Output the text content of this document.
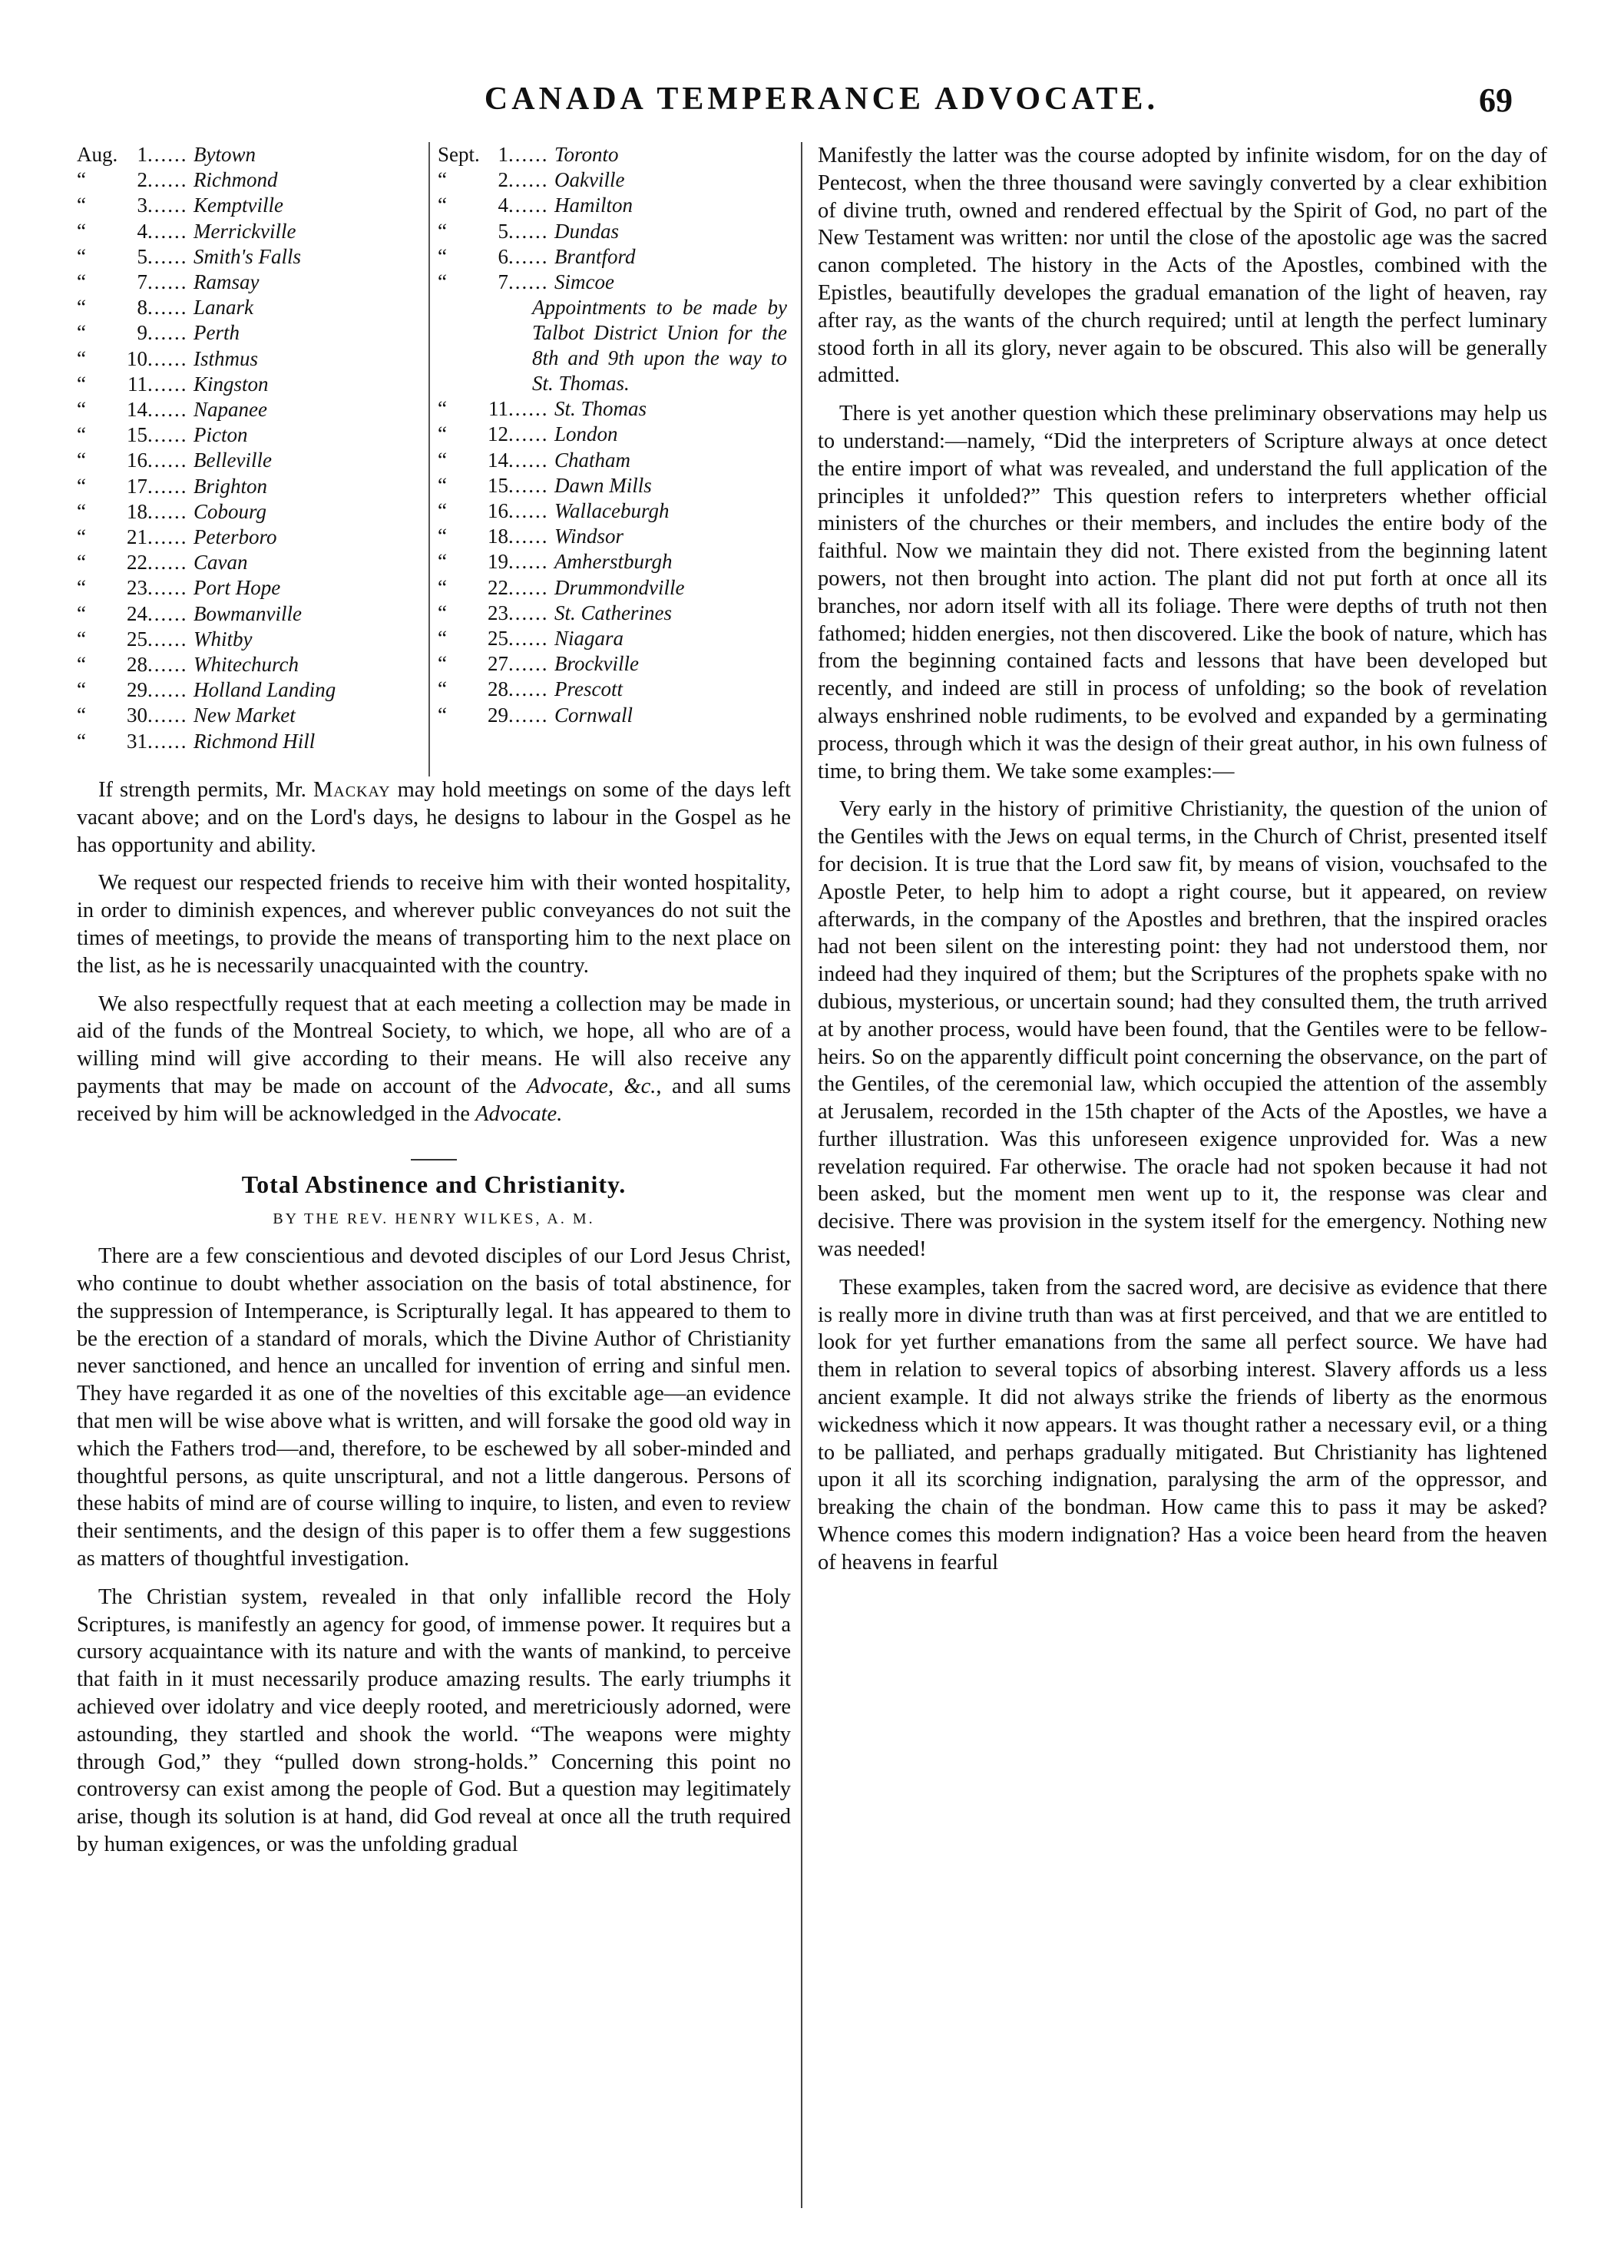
CANADA TEMPERANCE ADVOCATE.	69
Aug. 1 ...... Bytown
“	2 ...... Richmond
“	3 ...... Kemptville
“	4 ...... Merrickville
“	5 ...... Smith's Falls
“	7 ...... Ramsay
“	8 ...... Lanark
“	9 ...... Perth
“	10 ...... Isthmus
“	11 ...... Kingston
“	14 ...... Napanee
“	15 ...... Picton
“	16 ...... Belleville
“	17 ...... Brighton
“	18 ...... Cobourg
“	21 ...... Peterboro
“	22 ...... Cavan
“	23 ...... Port Hope
“	24 ...... Bowmanville
“	25 ...... Whitby
“	28 ...... Whitechurch
“	29 ...... Holland Landing
“	30 ...... New Market
“	31 ...... Richmond Hill
Sept. 1 ...... Toronto
“	2 ...... Oakville
“	4 ...... Hamilton
“	5 ...... Dundas
“	6 ...... Brantford
“	7 ...... Simcoe
Appointments to be made by Talbot District Union for the 8th and 9th upon the way to St. Thomas.
“	11 ...... St. Thomas
“	12 ...... London
“	14 ...... Chatham
“	15 ...... Dawn Mills
“	16 ...... Wallaceburgh
“	18 ...... Windsor
“	19 ...... Amherstburgh
“	22 ...... Drummondville
“	23 ...... St. Catherines
“	25 ...... Niagara
“	27 ...... Brockville
“	28 ...... Prescott
“	29 ...... Cornwall

If strength permits, Mr. Mackay may hold meetings on some of the days left vacant above; and on the Lord's days, he designs to labour in the Gospel as he has opportunity and ability.

We request our respected friends to receive him with their wonted hospitality, in order to diminish expences, and wherever public conveyances do not suit the times of meetings, to provide the means of transporting him to the next place on the list, as he is necessarily unacquainted with the country.

We also respectfully request that at each meeting a collection may be made in aid of the funds of the Montreal Society, to which, we hope, all who are of a willing mind will give according to their means. He will also receive any payments that may be made on account of the Advocate, &c., and all sums received by him will be acknowledged in the Advocate.

Total Abstinence and Christianity.
BY THE REV. HENRY WILKES, A. M.

There are a few conscientious and devoted disciples of our Lord Jesus Christ, who continue to doubt whether association on the basis of total abstinence, for the suppression of Intemperance, is Scripturally legal. It has appeared to them to be the erection of a standard of morals, which the Divine Author of Christianity never sanctioned, and hence an uncalled for invention of erring and sinful men. They have regarded it as one of the novelties of this excitable age—an evidence that men will be wise above what is written, and will forsake the good old way in which the Fathers trod—and, therefore, to be eschewed by all sober-minded and thoughtful persons, as quite unscriptural, and not a little dangerous. Persons of these habits of mind are of course willing to inquire, to listen, and even to review their sentiments, and the design of this paper is to offer them a few suggestions as matters of thoughtful investigation.

The Christian system, revealed in that only infallible record the Holy Scriptures, is manifestly an agency for good, of immense power. It requires but a cursory acquaintance with its nature and with the wants of mankind, to perceive that faith in it must necessarily produce amazing results. The early triumphs it achieved over idolatry and vice deeply rooted, and meretriciously adorned, were astounding, they startled and shook the world. “The weapons were mighty through God,” they “pulled down strong-holds.” Concerning this point no controversy can exist among the people of God. But a question may legitimately arise, though its solution is at hand, did God reveal at once all the truth required by human exigences, or was the unfolding gradual

Manifestly the latter was the course adopted by infinite wisdom, for on the day of Pentecost, when the three thousand were savingly converted by a clear exhibition of divine truth, owned and rendered effectual by the Spirit of God, no part of the New Testament was written: nor until the close of the apostolic age was the sacred canon completed. The history in the Acts of the Apostles, combined with the Epistles, beautifully developes the gradual emanation of the light of heaven, ray after ray, as the wants of the church required; until at length the perfect luminary stood forth in all its glory, never again to be obscured. This also will be generally admitted.

There is yet another question which these preliminary observations may help us to understand:—namely, “Did the interpreters of Scripture always at once detect the entire import of what was revealed, and understand the full application of the principles it unfolded?” This question refers to interpreters whether official ministers of the churches or their members, and includes the entire body of the faithful. Now we maintain they did not. There existed from the beginning latent powers, not then brought into action. The plant did not put forth at once all its branches, nor adorn itself with all its foliage. There were depths of truth not then fathomed; hidden energies, not then discovered. Like the book of nature, which has from the beginning contained facts and lessons that have been developed but recently, and indeed are still in process of unfolding; so the book of revelation always enshrined noble rudiments, to be evolved and expanded by a germinating process, through which it was the design of their great author, in his own fulness of time, to bring them. We take some examples:—

Very early in the history of primitive Christianity, the question of the union of the Gentiles with the Jews on equal terms, in the Church of Christ, presented itself for decision. It is true that the Lord saw fit, by means of vision, vouchsafed to the Apostle Peter, to help him to adopt a right course, but it appeared, on review afterwards, in the company of the Apostles and brethren, that the inspired oracles had not been silent on the interesting point: they had not understood them, nor indeed had they inquired of them; but the Scriptures of the prophets spake with no dubious, mysterious, or uncertain sound; had they consulted them, the truth arrived at by another process, would have been found, that the Gentiles were to be fellow-heirs. So on the apparently difficult point concerning the observance, on the part of the Gentiles, of the ceremonial law, which occupied the attention of the assembly at Jerusalem, recorded in the 15th chapter of the Acts of the Apostles, we have a further illustration. Was this unforeseen exigence unprovided for. Was a new revelation required. Far otherwise. The oracle had not spoken because it had not been asked, but the moment men went up to it, the response was clear and decisive. There was provision in the system itself for the emergency. Nothing new was needed!

These examples, taken from the sacred word, are decisive as evidence that there is really more in divine truth than was at first perceived, and that we are entitled to look for yet further emanations from the same all perfect source. We have had them in relation to several topics of absorbing interest. Slavery affords us a less ancient example. It did not always strike the friends of liberty as the enormous wickedness which it now appears. It was thought rather a necessary evil, or a thing to be palliated, and perhaps gradually mitigated. But Christianity has lightened upon it all its scorching indignation, paralysing the arm of the oppressor, and breaking the chain of the bondman. How came this to pass it may be asked? Whence comes this modern indignation? Has a voice been heard from the heaven of heavens in fearful
